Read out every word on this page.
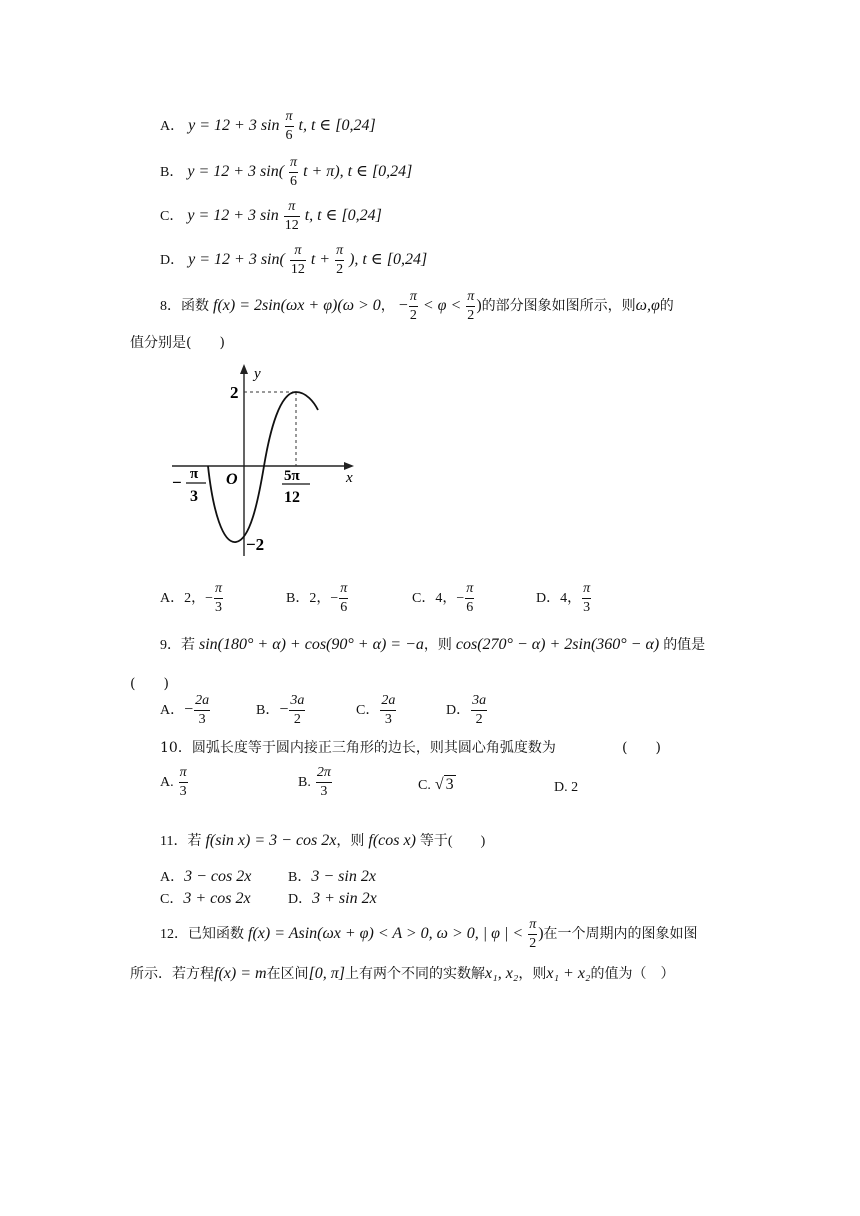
A． y = 12 + 3 $\sin \frac{\pi}{6} t$, t ∈ [0,24]
B． y = 12 + 3 $\sin( \frac{\pi}{6}$ t + π), t ∈ [0,24]
C． y = 12 + 3 $\sin \frac{\pi}{12} t$, t ∈ [0,24]
D． y = 12 + 3 $\sin( \frac{\pi}{12}$ $t + \frac{\pi}{2}$ ), t ∈ [0,24]
8．函数 f(x) = 2sin(ωx + φ)(ω > 0， − $\frac{\pi}{2} < \varphi < \frac{\pi}{2}$ )的部分图象如图所示，则ω,φ的
值分别是(　　)
y
x
O
2
−2
− π
3
5π
12
A．2，− $\frac{\pi}{3}$	B．2，− $\frac{\pi}{6}$	C．4，− $\frac{\pi}{6}$	D．4， $\frac{\pi}{3}$
9．若 sin(180° + α) + cos(90° + α) = −a，则 cos(270° − α) + 2sin(360° − α) 的值是
(　　)
A．− $\frac{2a}{3}$	B．− $\frac{3a}{2}$	C． $\frac{2a}{3}$	D． $\frac{3a}{2}$
10．圆弧长度等于圆内接正三角形的边长，则其圆心角弧度数为	(　　)
A. $\frac{\pi}{3}$	B. $\frac{2\pi}{3}$	C. √ 3	D. 2
11．若 f(sin x) = 3 − cos 2x，则 f(cos x) 等于(　　)
A．3 − cos 2x	B．3 − sin 2x
C．3 + cos 2x	D．3 + sin 2x
12．已知函数 f(x) = Asin(ωx + φ) < A > 0, ω > 0, | φ | < $\frac{\pi}{2}$ )在一个周期内的图象如图
所示．若方程f(x) = m在区间[0, π]上有两个不同的实数解x₁, x₂，则x₁ + x₂的值为（　）
